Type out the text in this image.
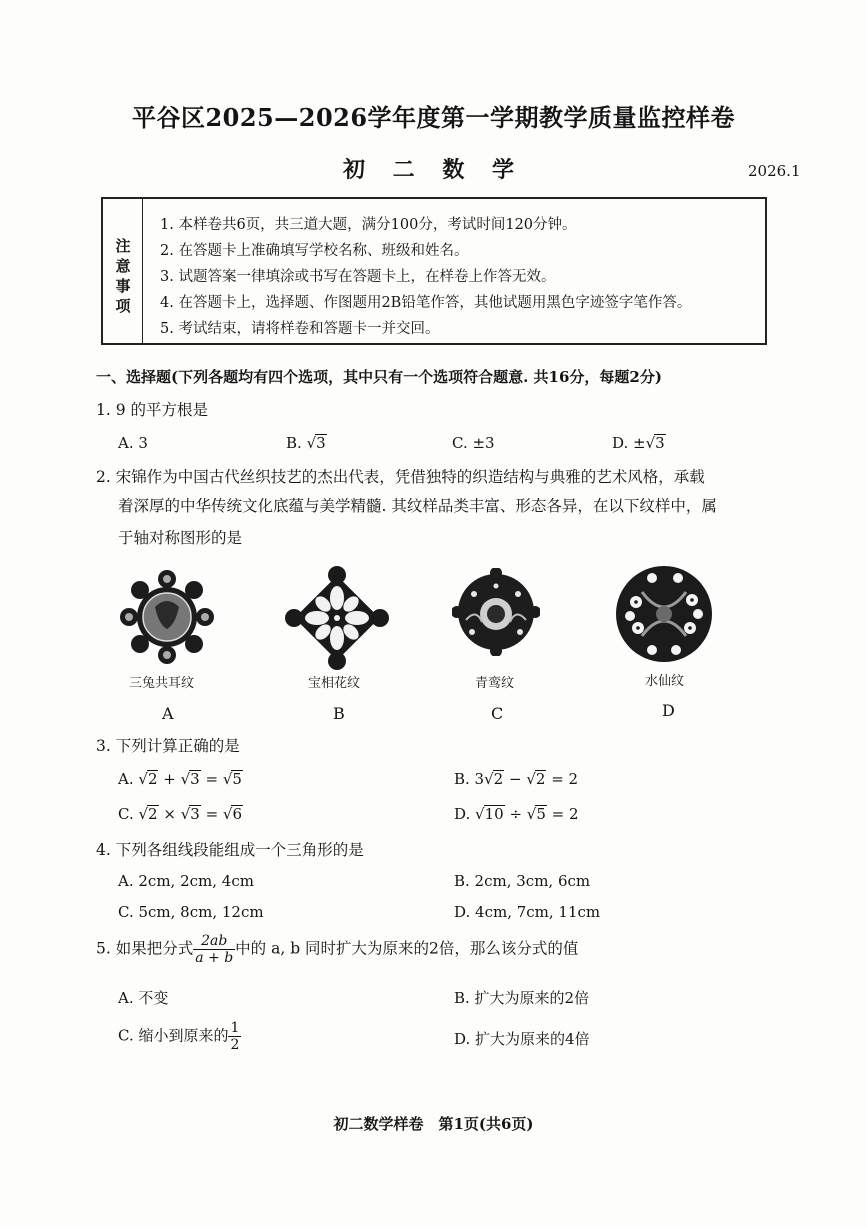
平谷区2025—2026学年度第一学期教学质量监控样卷
初 二 数 学	2026.1
注
意
事
项
1. 本样卷共6页，共三道大题，满分100分，考试时间120分钟。
2. 在答题卡上准确填写学校名称、班级和姓名。
3. 试题答案一律填涂或书写在答题卡上，在样卷上作答无效。
4. 在答题卡上，选择题、作图题用2B铅笔作答，其他试题用黑色字迹签字笔作答。
5. 考试结束，请将样卷和答题卡一并交回。
一、选择题(下列各题均有四个选项，其中只有一个选项符合题意. 共16分，每题2分)
1. 9 的平方根是
A. 3	B. √3	C. ±3	D. ±√3
2. 宋锦作为中国古代丝织技艺的杰出代表，凭借独特的织造结构与典雅的艺术风格，承载
着深厚的中华传统文化底蕴与美学精髓. 其纹样品类丰富、形态各异，在以下纹样中，属
于轴对称图形的是
三兔共耳纹	宝相花纹	青鸾纹	水仙纹
A	B	C	D
3. 下列计算正确的是
A. √2 + √3 = √5	B. 3√2 − √2 = 2
C. √2 × √3 = √6	D. √10 ÷ √5 = 2
4. 下列各组线段能组成一个三角形的是
A. 2cm, 2cm, 4cm	B. 2cm, 3cm, 6cm
C. 5cm, 8cm, 12cm	D. 4cm, 7cm, 11cm
5. 如果把分式 $\frac{2ab}{a + b}$ 中的 a, b 同时扩大为原来的2倍，那么该分式的值
A. 不变	B. 扩大为原来的2倍
C. 缩小到原来的 $\frac{1}{2}$	D. 扩大为原来的4倍
初二数学样卷　第1页(共6页)
